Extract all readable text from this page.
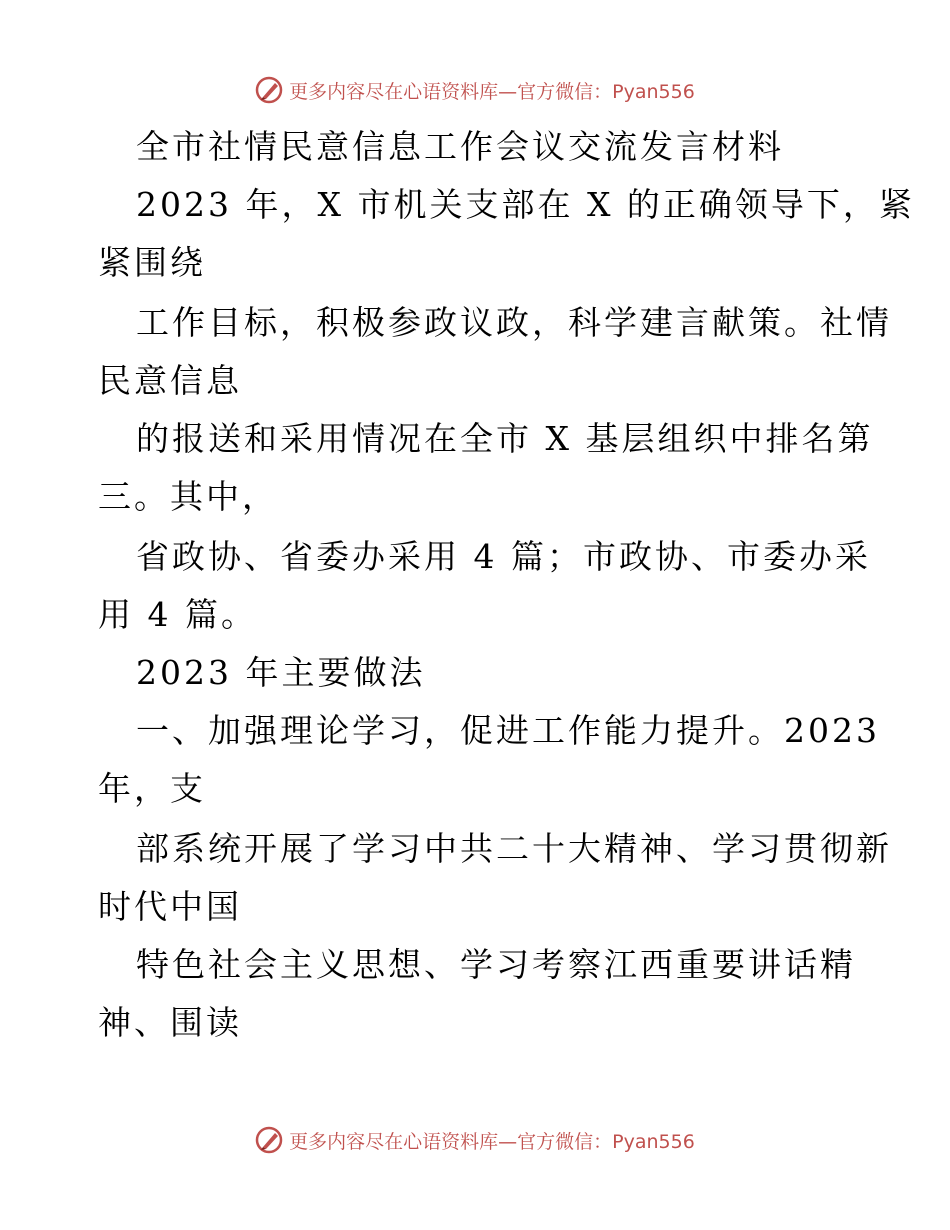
更多内容尽在心语资料库—官方微信：Pyan556
全市社情民意信息工作会议交流发言材料
2023 年，X 市机关支部在 X 的正确领导下，紧
紧围绕
工作目标，积极参政议政，科学建言献策。社情
民意信息
的报送和采用情况在全市 X 基层组织中排名第
三。其中，
省政协、省委办采用 4 篇；市政协、市委办采
用 4 篇。
2023 年主要做法
一、加强理论学习，促进工作能力提升。2023
年，支
部系统开展了学习中共二十大精神、学习贯彻新
时代中国
特色社会主义思想、学习考察江西重要讲话精
神、围读
更多内容尽在心语资料库—官方微信：Pyan556
